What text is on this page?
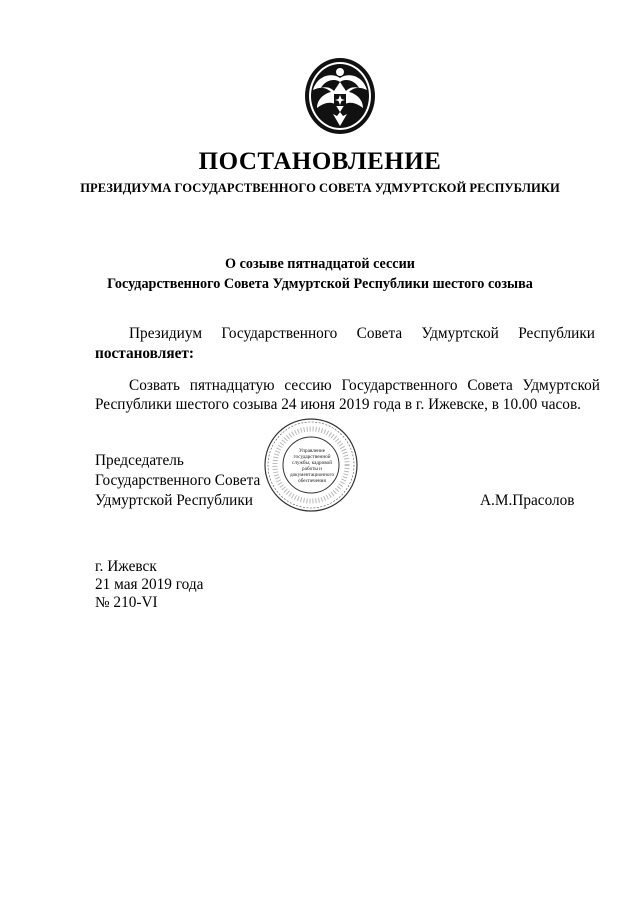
ПОСТАНОВЛЕНИЕ
ПРЕЗИДИУМА ГОСУДАРСТВЕННОГО СОВЕТА УДМУРТСКОЙ РЕСПУБЛИКИ
О созыве пятнадцатой сессии
Государственного Совета Удмуртской Республики шестого созыва
Президиум Государственного Совета Удмуртской Республики
постановляет:
Созвать пятнадцатую сессию Государственного Совета Удмуртской
Республики шестого созыва 24 июня 2019 года в г. Ижевске, в 10.00 часов.
Председатель
Государственного Совета
Удмуртской Республики	А.М.Прасолов
Управление государственной службы, кадровой работы и документационного обеспечения
г. Ижевск
21 мая 2019 года
№ 210-VI
